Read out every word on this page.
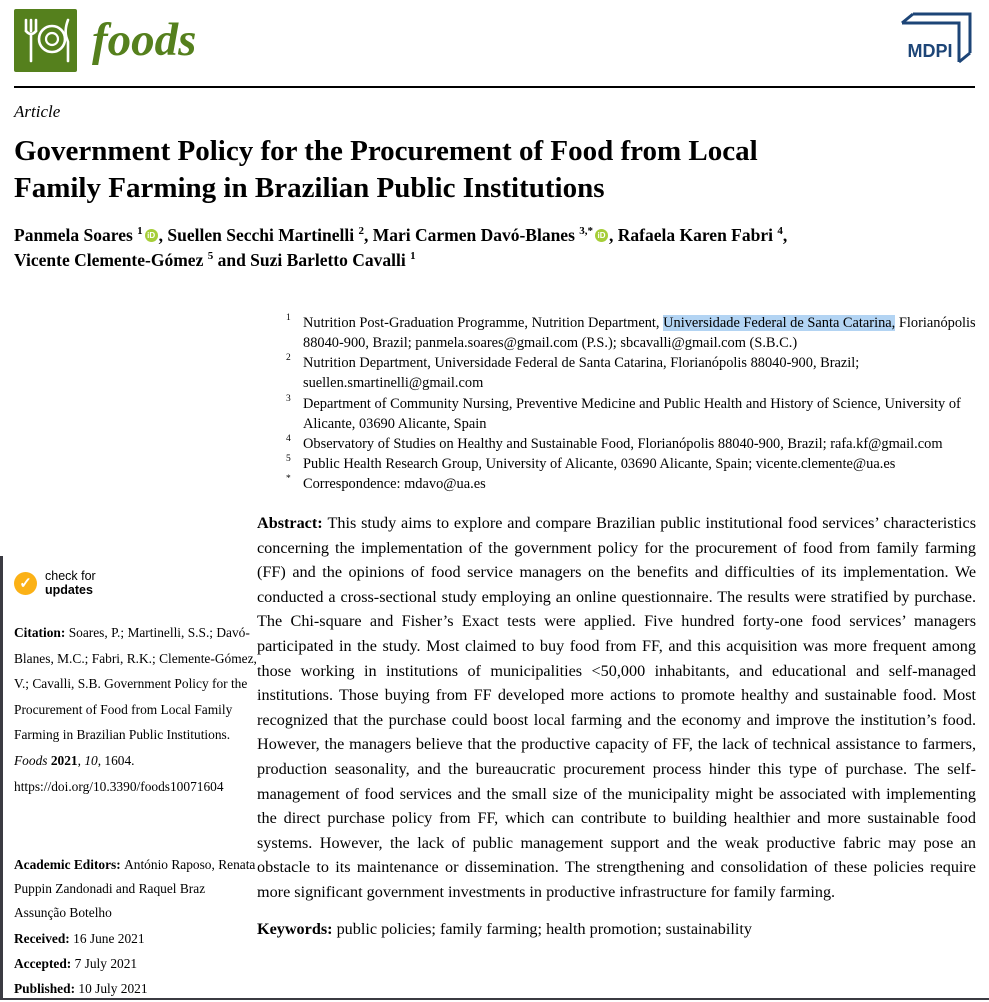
foods	MDPI
Article
Government Policy for the Procurement of Food from Local
Family Farming in Brazilian Public Institutions
Panmela Soares $^1$ iD , Suellen Secchi Martinelli $^2$, Mari Carmen Davó-Blanes $^{3,*}$ iD , Rafaela Karen Fabri $^4$,
Vicente Clemente-Gómez $^5$ and Suzi Barletto Cavalli $^1$
1 Nutrition Post-Graduation Programme, Nutrition Department, Universidade Federal de Santa Catarina, Florianópolis 88040-900, Brazil; panmela.soares@gmail.com (P.S.); sbcavalli@gmail.com (S.B.C.)
2 Nutrition Department, Universidade Federal de Santa Catarina, Florianópolis 88040-900, Brazil; suellen.smartinelli@gmail.com
3 Department of Community Nursing, Preventive Medicine and Public Health and History of Science, University of Alicante, 03690 Alicante, Spain
4 Observatory of Studies on Healthy and Sustainable Food, Florianópolis 88040-900, Brazil; rafa.kf@gmail.com
5 Public Health Research Group, University of Alicante, 03690 Alicante, Spain; vicente.clemente@ua.es
* Correspondence: mdavo@ua.es
✓	check for
updates

Citation: Soares, P.; Martinelli, S.S.; Davó-Blanes, M.C.; Fabri, R.K.; Clemente-Gómez, V.; Cavalli, S.B. Government Policy for the Procurement of Food from Local Family Farming in Brazilian Public Institutions. Foods 2021, 10, 1604. https://doi.org/10.3390/​foods10071604

Academic Editors: António Raposo, Renata Puppin Zandonadi and Raquel Braz Assunção Botelho

Received: 16 June 2021
Accepted: 7 July 2021
Published: 10 July 2021

Abstract: This study aims to explore and compare Brazilian public institutional food services’ characteristics concerning the implementation of the government policy for the procurement of food from family farming (FF) and the opinions of food service managers on the benefits and difficulties of its implementation. We conducted a cross-sectional study employing an online questionnaire. The results were stratified by purchase. The Chi-square and Fisher’s Exact tests were applied. Five hundred forty-one food services’ managers participated in the study. Most claimed to buy food from FF, and this acquisition was more frequent among those working in institutions of municipalities <50,000 inhabitants, and educational and self-managed institutions. Those buying from FF developed more actions to promote healthy and sustainable food. Most recognized that the purchase could boost local farming and the economy and improve the institution’s food. However, the managers believe that the productive capacity of FF, the lack of technical assistance to farmers, production seasonality, and the bureaucratic procurement process hinder this type of purchase. The self-management of food services and the small size of the municipality might be associated with implementing the direct purchase policy from FF, which can contribute to building healthier and more sustainable food systems. However, the lack of public management support and the weak productive fabric may pose an obstacle to its maintenance or dissemination. The strengthening and consolidation of these policies require more significant government investments in productive infrastructure for family farming.

Keywords: public policies; family farming; health promotion; sustainability
